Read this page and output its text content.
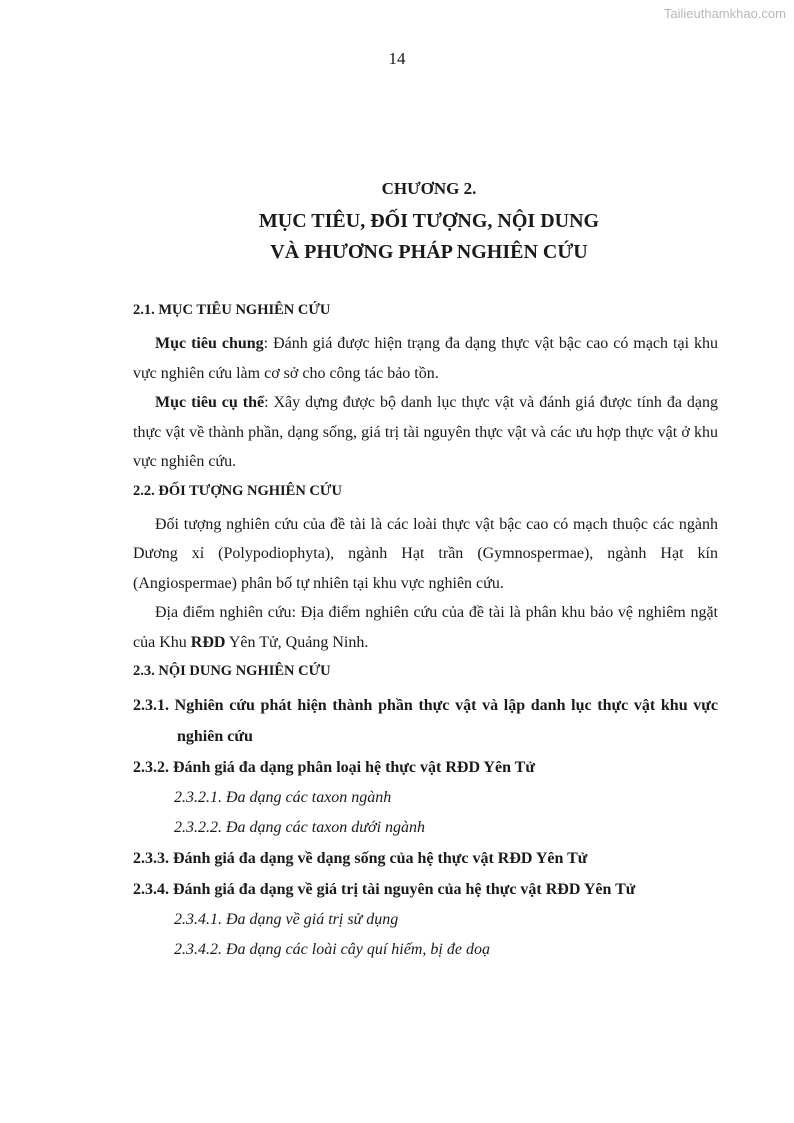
Tailieuthamkhao.com
14
CHƯƠNG 2.
MỤC TIÊU, ĐỐI TƯỢNG, NỘI DUNG
VÀ PHƯƠNG PHÁP NGHIÊN CỨU
2.1. MỤC TIÊU NGHIÊN CỨU

Mục tiêu chung: Đánh giá được hiện trạng đa dạng thực vật bậc cao có mạch tại khu vực nghiên cứu làm cơ sở cho công tác bảo tồn.

Mục tiêu cụ thể: Xây dựng được bộ danh lục thực vật và đánh giá được tính đa dạng thực vật về thành phần, dạng sống, giá trị tài nguyên thực vật và các ưu hợp thực vật ở khu vực nghiên cứu.

2.2. ĐỐI TƯỢNG NGHIÊN CỨU

Đối tượng nghiên cứu của đề tài là các loài thực vật bậc cao có mạch thuộc các ngành Dương xỉ (Polypodiophyta), ngành Hạt trần (Gymnospermae), ngành Hạt kín (Angiospermae) phân bố tự nhiên tại khu vực nghiên cứu.

Địa điểm nghiên cứu: Địa điểm nghiên cứu của đề tài là phân khu bảo vệ nghiêm ngặt của Khu RĐD Yên Tử, Quảng Ninh.

2.3. NỘI DUNG NGHIÊN CỨU

2.3.1. Nghiên cứu phát hiện thành phần thực vật và lập danh lục thực vật khu vực nghiên cứu

2.3.2. Đánh giá đa dạng phân loại hệ thực vật RĐD Yên Tử

2.3.2.1. Đa dạng các taxon ngành

2.3.2.2. Đa dạng các taxon dưới ngành

2.3.3. Đánh giá đa dạng về dạng sống của hệ thực vật RĐD Yên Tử

2.3.4. Đánh giá đa dạng về giá trị tài nguyên của hệ thực vật RĐD Yên Tử

2.3.4.1. Đa dạng về giá trị sử dụng

2.3.4.2. Đa dạng các loài cây quí hiếm, bị đe doạ
